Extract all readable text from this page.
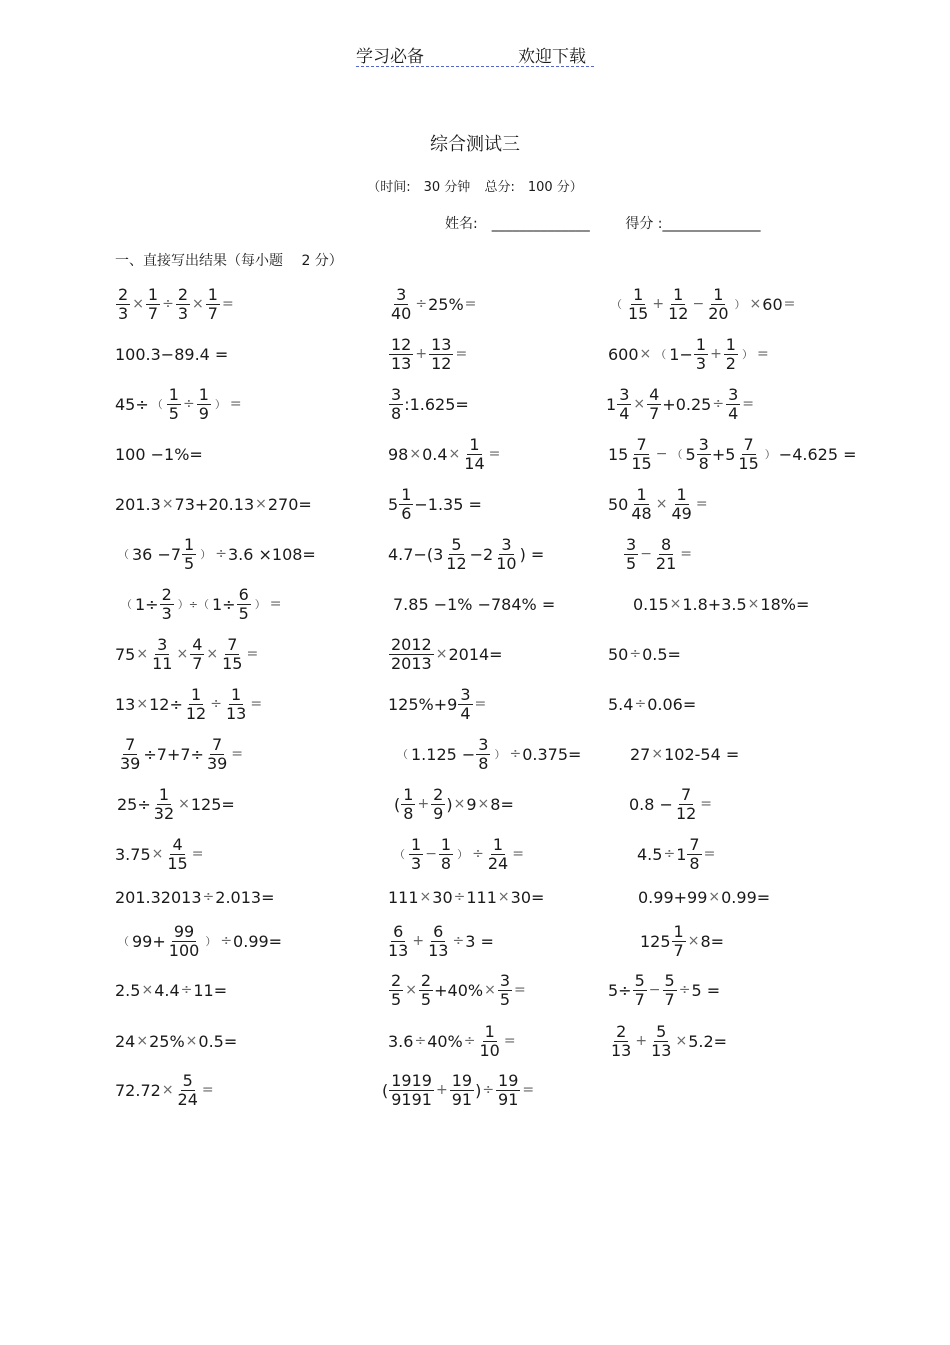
学习必备	欢迎下载
综合测试三
（时间:　30 分钟 总分:　100 分）
姓名:　______________	得分 :______________
一、直接写出结果（每小题　 2 分）
$\frac{2}{3} \times \frac{1}{7} \div \frac{2}{3} \times \frac{1}{7}$ =	$\frac{3}{40} \div 25\%$ =	（ $\frac{1}{15} + \frac{1}{12} - \frac{1}{20}$ ） × 60 =
100.3−89.4 =	$\frac{12}{13} + \frac{13}{12}$ =	600 × （ $1- \frac{1}{3} + \frac{1}{2}$ ） =
45÷ （ $\frac{1}{5} \div \frac{1}{9}$ ） =	$\frac{3}{8}$ :1.625=	$1 \frac{3}{4} \times \frac{4}{7} +0.25 \div \frac{3}{4}$ =
100 −1%=	$98 \times 0.4 \times \frac{1}{14}$ =	$15 \frac{7}{15}$ − （ $5 \frac{3}{8} +5 \frac{7}{15}$ ） −4.625 =
201.3 × 73+20.13 × 270=	$5 \frac{1}{6} -1.35$ =	$50 \frac{1}{48} \times \frac{1}{49}$ =
（ $36 -7 \frac{1}{5}$ ） ÷ 3.6 ×108=	$4.7-(3 \frac{5}{12} -2 \frac{3}{10}$ ) =	$\frac{3}{5} - \frac{8}{21}$ =
（ $1\div \frac{2}{3}$ ）÷（ $1\div \frac{6}{5}$ ） =	7.85 −1% −784% =	0.15 × 1.8+3.5 × 18%=
$75 \times \frac{3}{11} \times \frac{4}{7} \times \frac{7}{15}$ =	$\frac{2012}{2013} \times 2014=$	50 ÷ 0.5=
$13 \times 12\div \frac{1}{12} \div \frac{1}{13}$ =	$125\%+9 \frac{3}{4}$ =	5.4 ÷ 0.06=
$\frac{7}{39} \div 7+7\div \frac{7}{39}$ =	（ $1.125 - \frac{3}{8}$ ） ÷ 0.375=	27 × 102-54 =
$25\div \frac{1}{32} \times 125=$	( $\frac{1}{8} + \frac{2}{9}$ ) × 9 × 8=	$0.8 - \frac{7}{12}$ =
$3.75 \times \frac{4}{15}$ =	（ $\frac{1}{3} - \frac{1}{8}$ ） ÷ $\frac{1}{24}$ =	$4.5 \div 1 \frac{7}{8}$ =
201.32013 ÷ 2.013=	111 × 30 ÷ 111 × 30=	0.99+99 × 0.99=
（ $99+ \frac{99}{100}$ ） ÷ 0.99=	$\frac{6}{13} + \frac{6}{13} \div 3$ =	$125 \frac{1}{7} \times 8=$
2.5 × 4.4 ÷ 11=	$\frac{2}{5} \times \frac{2}{5} +40\% \times \frac{3}{5}$ =	$5\div \frac{5}{7} - \frac{5}{7} \div 5$ =
24 × 25% × 0.5=	$3.6 \div 40\% \div \frac{1}{10}$ =	$\frac{2}{13} + \frac{5}{13} \times 5.2=$
$72.72 \times \frac{5}{24}$ =	( $\frac{1919}{9191} + \frac{19}{91}$ ) ÷ $\frac{19}{91}$ =
